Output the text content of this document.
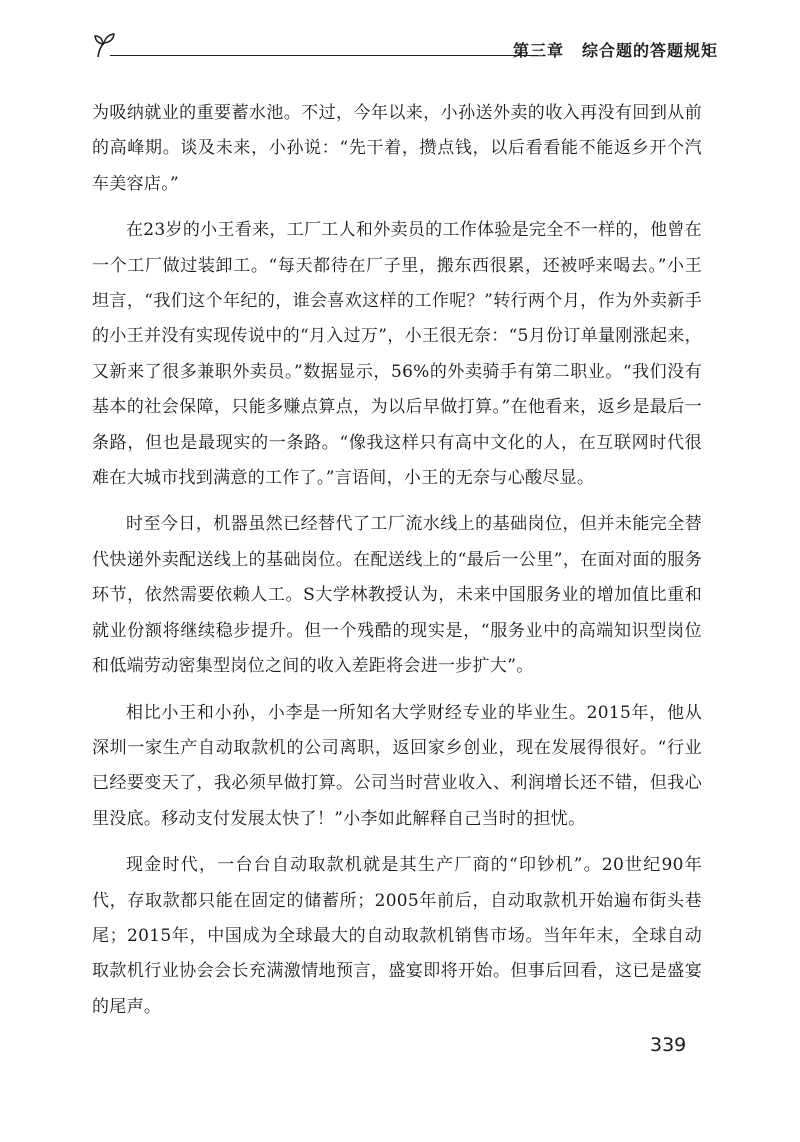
第三章 综合题的答题规矩

为吸纳就业的重要蓄水池。不过，今年以来，小孙送外卖的收入再没有回到从前的高峰期。谈及未来，小孙说：“先干着，攒点钱，以后看看能不能返乡开个汽车美容店。”

在23岁的小王看来，工厂工人和外卖员的工作体验是完全不一样的，他曾在一个工厂做过装卸工。“每天都待在厂子里，搬东西很累，还被呼来喝去。”小王坦言，“我们这个年纪的，谁会喜欢这样的工作呢？”转行两个月，作为外卖新手的小王并没有实现传说中的“月入过万”，小王很无奈：“5月份订单量刚涨起来，又新来了很多兼职外卖员。”数据显示，56%的外卖骑手有第二职业。“我们没有基本的社会保障，只能多赚点算点，为以后早做打算。”在他看来，返乡是最后一条路，但也是最现实的一条路。“像我这样只有高中文化的人，在互联网时代很难在大城市找到满意的工作了。”言语间，小王的无奈与心酸尽显。

时至今日，机器虽然已经替代了工厂流水线上的基础岗位，但并未能完全替代快递外卖配送线上的基础岗位。在配送线上的“最后一公里”，在面对面的服务环节，依然需要依赖人工。S大学林教授认为，未来中国服务业的增加值比重和就业份额将继续稳步提升。但一个残酷的现实是，“服务业中的高端知识型岗位和低端劳动密集型岗位之间的收入差距将会进一步扩大”。

相比小王和小孙，小李是一所知名大学财经专业的毕业生。2015年，他从深圳一家生产自动取款机的公司离职，返回家乡创业，现在发展得很好。“行业已经要变天了，我必须早做打算。公司当时营业收入、利润增长还不错，但我心里没底。移动支付发展太快了！”小李如此解释自己当时的担忧。

现金时代，一台台自动取款机就是其生产厂商的“印钞机”。20世纪90年代，存取款都只能在固定的储蓄所；2005年前后，自动取款机开始遍布街头巷尾；2015年，中国成为全球最大的自动取款机销售市场。当年年末，全球自动取款机行业协会会长充满激情地预言，盛宴即将开始。但事后回看，这已是盛宴的尾声。

339
